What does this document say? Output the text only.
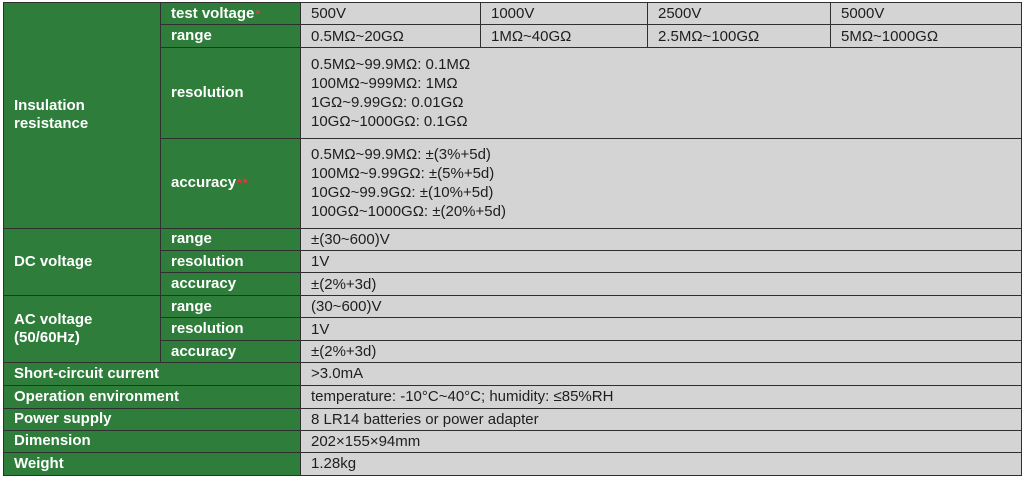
Insulation resistance	test voltage*	500V	1000V	2500V	5000V
	range	0.5MΩ~20GΩ	1MΩ~40GΩ	2.5MΩ~100GΩ	5MΩ~1000GΩ
	resolution	0.5MΩ~99.9MΩ: 0.1MΩ
100MΩ~999MΩ: 1MΩ
1GΩ~9.99GΩ: 0.01GΩ
10GΩ~1000GΩ: 0.1GΩ			

	accuracy**	0.5MΩ~99.9MΩ: ±(3%+5d)
100MΩ~9.99GΩ: ±(5%+5d)
10GΩ~99.9GΩ: ±(10%+5d)
100GΩ~1000GΩ: ±(20%+5d)			

DC voltage	range	±(30~600)V			
	resolution	1V			
	accuracy	±(2%+3d)			

AC voltage
(50/60Hz)	range	(30~600)V			
	resolution	1V			
	accuracy	±(2%+3d)			
Short-circuit current		>3.0mA			
Operation environment		temperature: -10°C~40°C; humidity: ≤85%RH			
Power supply		8 LR14 batteries or power adapter			
Dimension		202×155×94mm			
Weight		1.28kg			
